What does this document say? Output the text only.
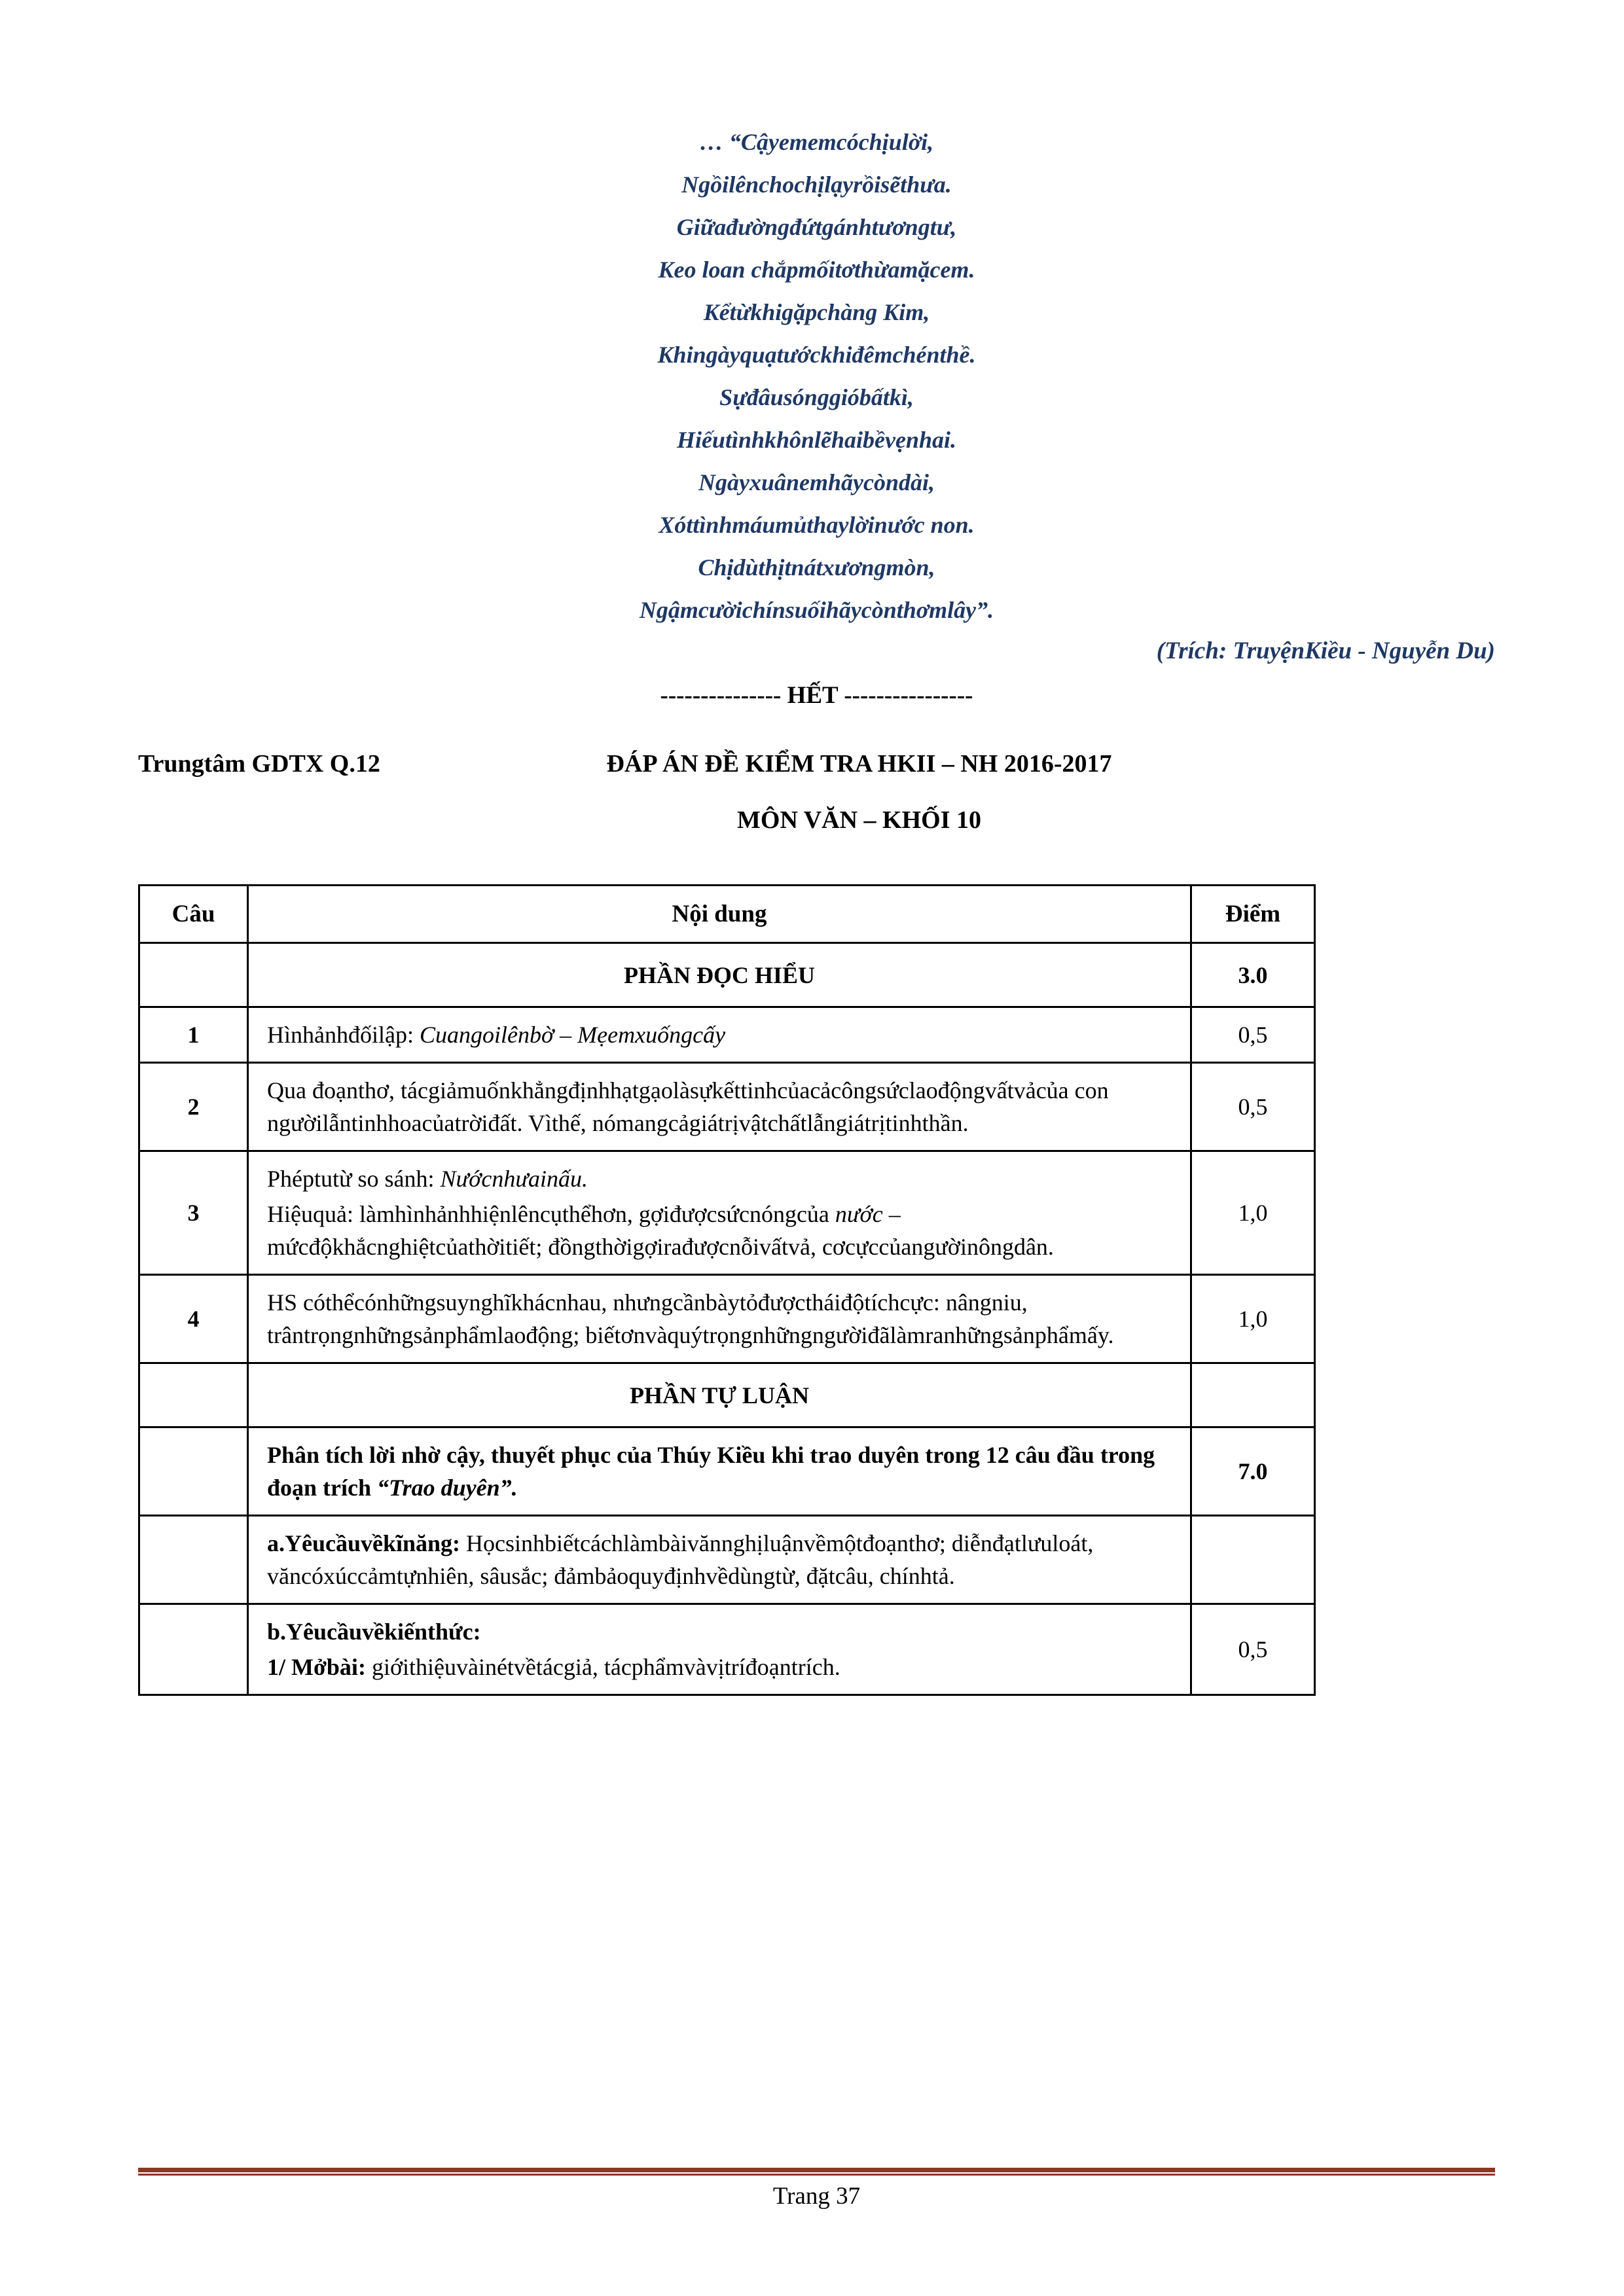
… “Cậyememcóchịulời,
Ngồilênchochịlạyrồisẽthưa.
Giữađườngđứtgánhtươngtư,
Keo loan chắpmốitơthừamặcem.
Kểtừkhigặpchàng Kim,
Khingàyquạtướckhiđêmchénthề.
Sựđâusónggióbấtkì,
Hiếutìnhkhônlẽhaibềvẹnhai.
Ngàyxuânemhãycòndài,
Xóttìnhmáumủthaylờinước non.
Chịdùthịtnátxươngmòn,
Ngậmcườichínsuốihãycònthơmlây”.
(Trích: TruyệnKiều - Nguyễn Du)
--------------- HẾT ----------------
Trungtâm GDTX Q.12	ĐÁP ÁN ĐỀ KIỂM TRA HKII – NH 2016-2017
MÔN VĂN – KHỐI 10
Câu	Nội dung	Điểm

	PHẦN ĐỌC HIỂU	3.0
1	Hìnhảnhđốilập: Cuangoilênbờ – Mẹemxuốngcấy	0,5
2	Qua đoạnthơ, tácgiảmuốnkhẳngđịnhhạtgạolàsựkếttinhcủacảcôngsứclaođộngvấtvảcủa con ngườilẫntinhhoacủatrờiđất. Vìthế, nómangcảgiátrịvậtchấtlẫngiátrịtinhthần.	0,5
3	Phéptutừ so sánh: Nướcnhưainấu.

Hiệuquả: làmhìnhảnhhiệnlêncụthểhơn, gợiđượcsứcnóngcủa nước – mứcđộkhắcnghiệtcủathờitiết; đồngthờigợirađượcnỗivấtvả, cơcựccủangườinôngdân.	1,0
4	HS cóthểcónhữngsuynghĩkhácnhau, nhưngcầnbàytỏđượctháiđộtíchcực: nângniu, trântrọngnhữngsảnphẩmlaođộng; biếtơnvàquýtrọngnhữngngườiđãlàmranhữngsảnphẩmấy.	1,0

	PHẦN TỰ LUẬN	

	Phân tích lời nhờ cậy, thuyết phục của Thúy Kiều khi trao duyên trong 12 câu đầu trong đoạn trích “Trao duyên”.	7.0

	a.Yêucầuvềkĩnăng: Họcsinhbiếtcáchlàmbàivănnghịluậnvềmộtđoạnthơ; diễnđạtlưuloát, văncóxúccảmtựnhiên, sâusắc; đảmbảoquyđịnhvềdùngtừ, đặtcâu, chínhtả.	

	b.Yêucầuvềkiếnthức:

1/ Mởbài: giớithiệuvàinétvềtácgiả, tácphẩmvàvịtríđoạntrích.	0,5
Trang 37
